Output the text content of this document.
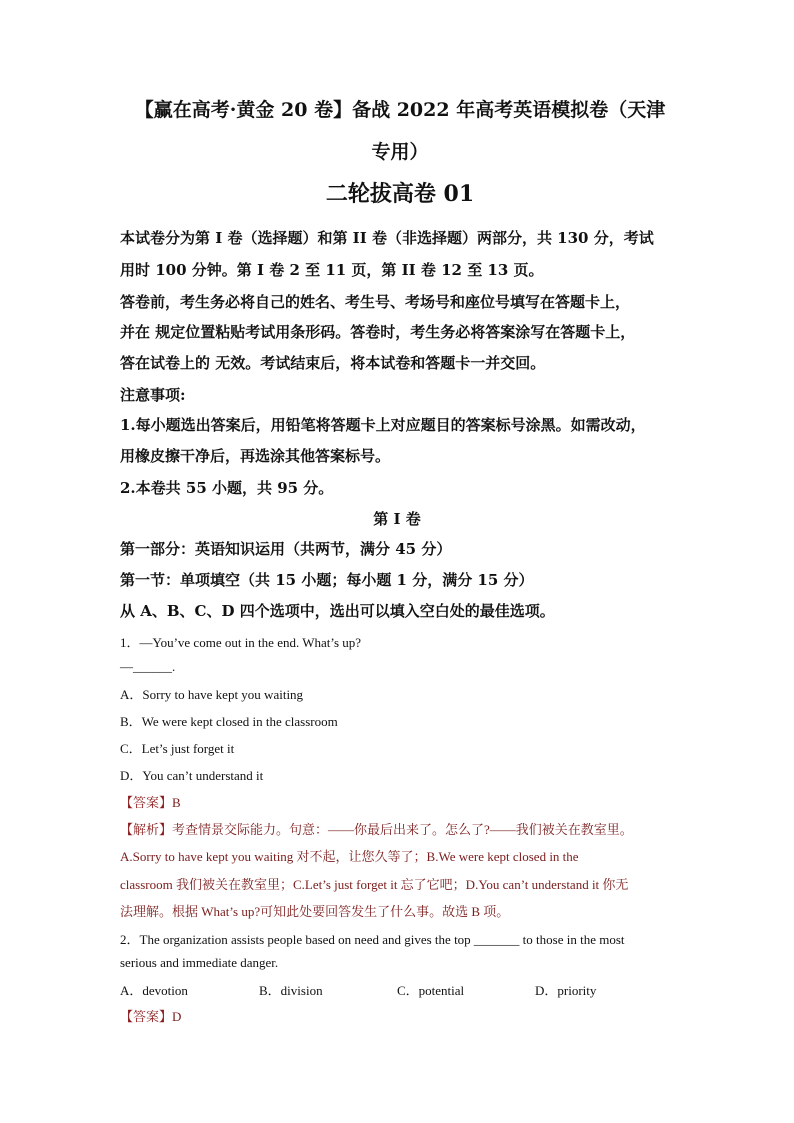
【赢在高考·黄金 20 卷】备战 2022 年高考英语模拟卷（天津
专用）
二轮拔高卷 01
本试卷分为第 I 卷（选择题）和第 II 卷（非选择题）两部分，共 130 分，考试
用时 100 分钟。第 I 卷 2 至 11 页，第 II 卷 12 至 13 页。
答卷前，考生务必将自己的姓名、考生号、考场号和座位号填写在答题卡上，
并在 规定位置粘贴考试用条形码。答卷时，考生务必将答案涂写在答题卡上，
答在试卷上的 无效。考试结束后，将本试卷和答题卡一并交回。
注意事项:
1.每小题选出答案后，用铅笔将答题卡上对应题目的答案标号涂黑。如需改动，
用橡皮擦干净后，再选涂其他答案标号。
2.本卷共 55 小题，共 95 分。
第 I 卷
第一部分：英语知识运用（共两节，满分 45 分）
第一节：单项填空（共 15 小题；每小题 1 分，满分 15 分）
从 A、B、C、D 四个选项中，选出可以填入空白处的最佳选项。
1．—You’ve come out in the end. What’s up?
—______.
A．Sorry to have kept you waiting
B．We were kept closed in the classroom
C．Let’s just forget it
D．You can’t understand it
【答案】B
【解析】考查情景交际能力。句意：——你最后出来了。怎么了?——我们被关在教室里。
A.Sorry to have kept you waiting 对不起，让您久等了；B.We were kept closed in the
classroom 我们被关在教室里；C.Let’s just forget it 忘了它吧；D.You can’t understand it 你无
法理解。根据 What’s up?可知此处要回答发生了什么事。故选 B 项。
2．The organization assists people based on need and gives the top _______ to those in the most
serious and immediate danger.
A．devotion	B．division	C．potential	D．priority
【答案】D
